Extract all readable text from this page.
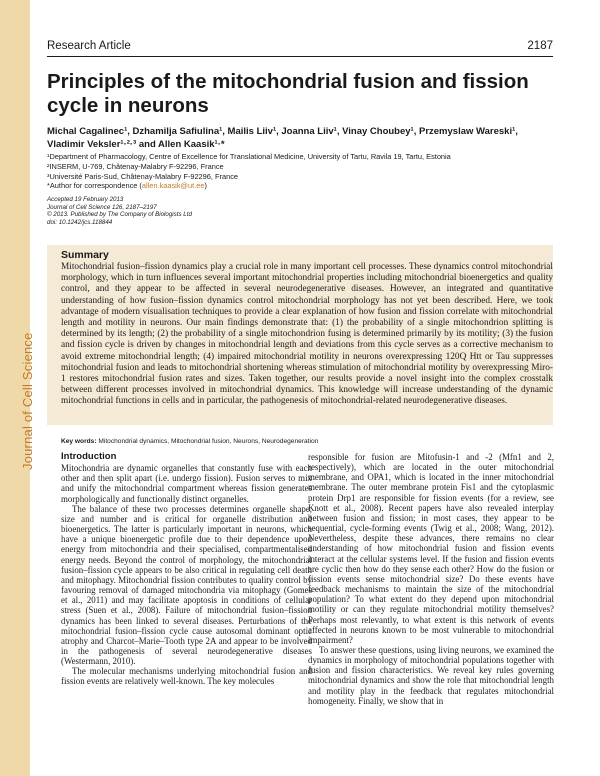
Journal of Cell Science
Research Article	2187
Principles of the mitochondrial fusion and fission cycle in neurons
Michal Cagalinec¹, Dzhamilja Safiulina¹, Mailis Liiv¹, Joanna Liiv¹, Vinay Choubey¹, Przemyslaw Wareski¹,
Vladimir Veksler¹·²·³ and Allen Kaasik¹·*
¹Department of Pharmacology, Centre of Excellence for Translational Medicine, University of Tartu, Ravila 19, Tartu, Estonia
²INSERM, U-769, Châtenay-Malabry F-92296, France
³Université Paris-Sud, Châtenay-Malabry F-92296, France
*Author for correspondence (allen.kaasik@ut.ee)
Accepted 19 February 2013
Journal of Cell Science 126, 2187–2197
© 2013. Published by The Company of Biologists Ltd
doi: 10.1242/jcs.118844
Summary

Mitochondrial fusion–fission dynamics play a crucial role in many important cell processes. These dynamics control mitochondrial morphology, which in turn influences several important mitochondrial properties including mitochondrial bioenergetics and quality control, and they appear to be affected in several neurodegenerative diseases. However, an integrated and quantitative understanding of how fusion–fission dynamics control mitochondrial morphology has not yet been described. Here, we took advantage of modern visualisation techniques to provide a clear explanation of how fusion and fission correlate with mitochondrial length and motility in neurons. Our main findings demonstrate that: (1) the probability of a single mitochondrion splitting is determined by its length; (2) the probability of a single mitochondrion fusing is determined primarily by its motility; (3) the fusion and fission cycle is driven by changes in mitochondrial length and deviations from this cycle serves as a corrective mechanism to avoid extreme mitochondrial length; (4) impaired mitochondrial motility in neurons overexpressing 120Q Htt or Tau suppresses mitochondrial fusion and leads to mitochondrial shortening whereas stimulation of mitochondrial motility by overexpressing Miro-1 restores mitochondrial fusion rates and sizes. Taken together, our results provide a novel insight into the complex crosstalk between different processes involved in mitochondrial dynamics. This knowledge will increase understanding of the dynamic mitochondrial functions in cells and in particular, the pathogenesis of mitochondrial-related neurodegenerative diseases.

Key words: Mitochondrial dynamics, Mitochondrial fusion, Neurons, Neurodegeneration
Introduction

Mitochondria are dynamic organelles that constantly fuse with each other and then split apart (i.e. undergo fission). Fusion serves to mix and unify the mitochondrial compartment whereas fission generates morphologically and functionally distinct organelles.

The balance of these two processes determines organelle shape, size and number and is critical for organelle distribution and bioenergetics. The latter is particularly important in neurons, which have a unique bioenergetic profile due to their dependence upon energy from mitochondria and their specialised, compartmentalised energy needs. Beyond the control of morphology, the mitochondrial fusion–fission cycle appears to be also critical in regulating cell death and mitophagy. Mitochondrial fission contributes to quality control by favouring removal of damaged mitochondria via mitophagy (Gomes et al., 2011) and may facilitate apoptosis in conditions of cellular stress (Suen et al., 2008). Failure of mitochondrial fusion–fission dynamics has been linked to several diseases. Perturbations of the mitochondrial fusion–fission cycle cause autosomal dominant optic atrophy and Charcot–Marie–Tooth type 2A and appear to be involved in the pathogenesis of several neurodegenerative diseases (Westermann, 2010).

The molecular mechanisms underlying mitochondrial fusion and fission events are relatively well-known. The key molecules

responsible for fusion are Mitofusin-1 and -2 (Mfn1 and 2, respectively), which are located in the outer mitochondrial membrane, and OPA1, which is located in the inner mitochondrial membrane. The outer membrane protein Fis1 and the cytoplasmic protein Drp1 are responsible for fission events (for a review, see Knott et al., 2008). Recent papers have also revealed interplay between fusion and fission; in most cases, they appear to be sequential, cycle-forming events (Twig et al., 2008; Wang, 2012). Nevertheless, despite these advances, there remains no clear understanding of how mitochondrial fusion and fission events interact at the cellular systems level. If the fusion and fission events are cyclic then how do they sense each other? How do the fusion or fission events sense mitochondrial size? Do these events have feedback mechanisms to maintain the size of the mitochondrial population? To what extent do they depend upon mitochondrial motility or can they regulate mitochondrial motility themselves? Perhaps most relevantly, to what extent is this network of events affected in neurons known to be most vulnerable to mitochondrial impairment?

To answer these questions, using living neurons, we examined the dynamics in morphology of mitochondrial populations together with fusion and fission characteristics. We reveal key rules governing mitochondrial dynamics and show the role that mitochondrial length and motility play in the feedback that regulates mitochondrial homogeneity. Finally, we show that in
